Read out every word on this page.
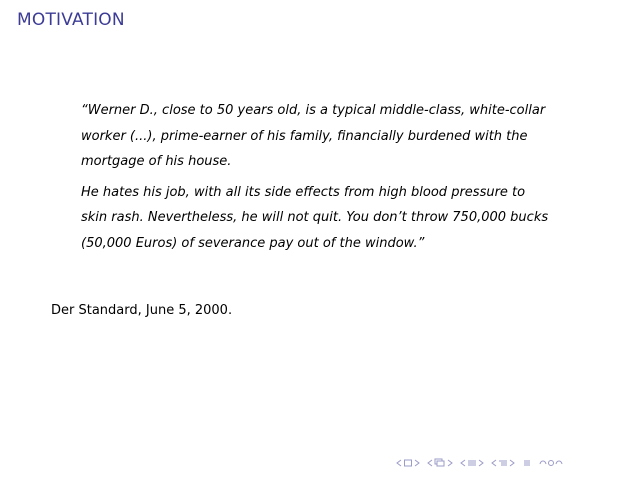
MOTIVATION

“Werner D., close to 50 years old, is a typical middle-class, white-collar worker (...), prime-earner of his family, financially burdened with the mortgage of his house.

He hates his job, with all its side effects from high blood pressure to skin rash. Nevertheless, he will not quit. You don’t throw 750,000 bucks (50,000 Euros) of severance pay out of the window.”

Der Standard, June 5, 2000.
